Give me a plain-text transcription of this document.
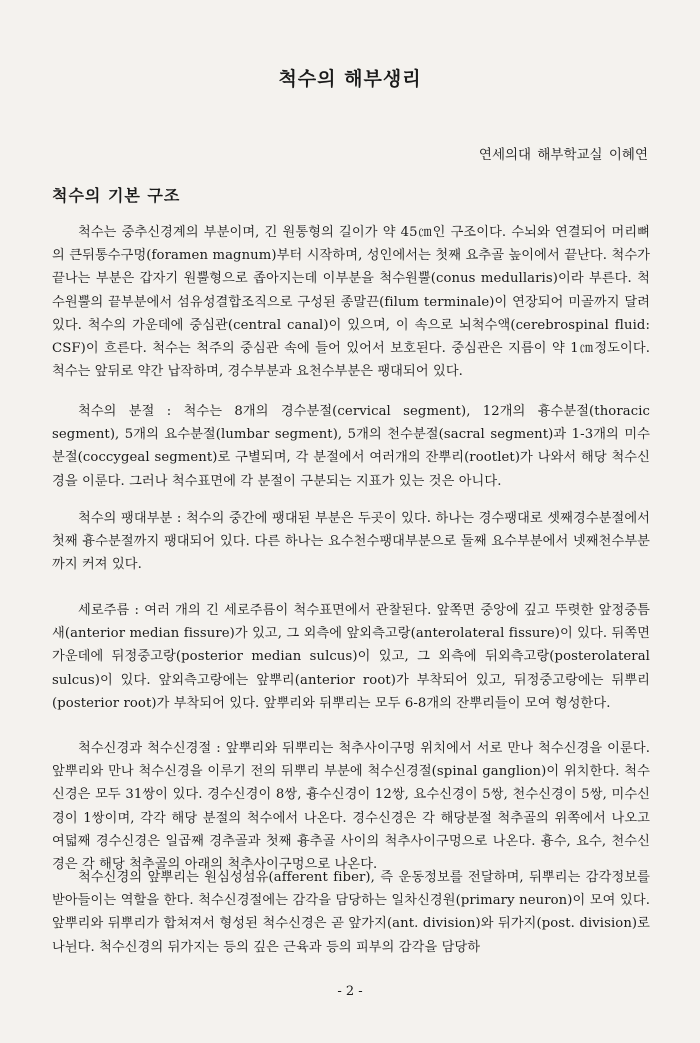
척수의 해부생리
연세의대 해부학교실 이혜연
척수의 기본 구조

척수는 중추신경계의 부분이며, 긴 원통형의 길이가 약 45㎝인 구조이다. 수뇌와 연결되어 머리뼈의 큰뒤통수구멍(foramen magnum)부터 시작하며, 성인에서는 첫째 요추골 높이에서 끝난다. 척수가 끝나는 부분은 갑자기 원뿔형으로 좁아지는데 이부분을 척수원뿔(conus medullaris)이라 부른다. 척수원뿔의 끝부분에서 섬유성결합조직으로 구성된 종말끈(filum terminale)이 연장되어 미골까지 달려 있다. 척수의 가운데에 중심관(central canal)이 있으며, 이 속으로 뇌척수액(cerebrospinal fluid: CSF)이 흐른다. 척수는 척주의 중심관 속에 들어 있어서 보호된다. 중심관은 지름이 약 1㎝정도이다. 척수는 앞뒤로 약간 납작하며, 경수부분과 요천수부분은 팽대되어 있다.

척수의 분절 : 척수는 8개의 경수분절(cervical segment), 12개의 흉수분절(thoracic segment), 5개의 요수분절(lumbar segment), 5개의 천수분절(sacral segment)과 1-3개의 미수분절(coccygeal segment)로 구별되며, 각 분절에서 여러개의 잔뿌리(rootlet)가 나와서 해당 척수신경을 이룬다. 그러나 척수표면에 각 분절이 구분되는 지표가 있는 것은 아니다.

척수의 팽대부분 : 척수의 중간에 팽대된 부분은 두곳이 있다. 하나는 경수팽대로 셋째경수분절에서 첫째 흉수분절까지 팽대되어 있다. 다른 하나는 요수천수팽대부분으로 둘째 요수부분에서 넷째천수부분까지 커져 있다.

세로주름 : 여러 개의 긴 세로주름이 척수표면에서 관찰된다. 앞쪽면 중앙에 깊고 뚜렷한 앞정중틈새(anterior median fissure)가 있고, 그 외측에 앞외측고랑(anterolateral fissure)이 있다. 뒤쪽면 가운데에 뒤정중고랑(posterior median sulcus)이 있고, 그 외측에 뒤외측고랑(posterolateral sulcus)이 있다. 앞외측고랑에는 앞뿌리(anterior root)가 부착되어 있고, 뒤정중고랑에는 뒤뿌리(posterior root)가 부착되어 있다. 앞뿌리와 뒤뿌리는 모두 6-8개의 잔뿌리들이 모여 형성한다.

척수신경과 척수신경절 : 앞뿌리와 뒤뿌리는 척추사이구멍 위치에서 서로 만나 척수신경을 이룬다. 앞뿌리와 만나 척수신경을 이루기 전의 뒤뿌리 부분에 척수신경절(spinal ganglion)이 위치한다. 척수신경은 모두 31쌍이 있다. 경수신경이 8쌍, 흉수신경이 12쌍, 요수신경이 5쌍, 천수신경이 5쌍, 미수신경이 1쌍이며, 각각 해당 분절의 척수에서 나온다. 경수신경은 각 해당분절 척추골의 위쪽에서 나오고 여덟째 경수신경은 일곱째 경추골과 첫째 흉추골 사이의 척추사이구멍으로 나온다. 흉수, 요수, 천수신경은 각 해당 척추골의 아래의 척추사이구멍으로 나온다.

척수신경의 앞뿌리는 원심성섬유(afferent fiber), 즉 운동정보를 전달하며, 뒤뿌리는 감각정보를 받아들이는 역할을 한다. 척수신경절에는 감각을 담당하는 일차신경원(primary neuron)이 모여 있다. 앞뿌리와 뒤뿌리가 합쳐져서 형성된 척수신경은 곧 앞가지(ant. division)와 뒤가지(post. division)로 나뉜다. 척수신경의 뒤가지는 등의 깊은 근육과 등의 피부의 감각을 담당하

- 2 -
